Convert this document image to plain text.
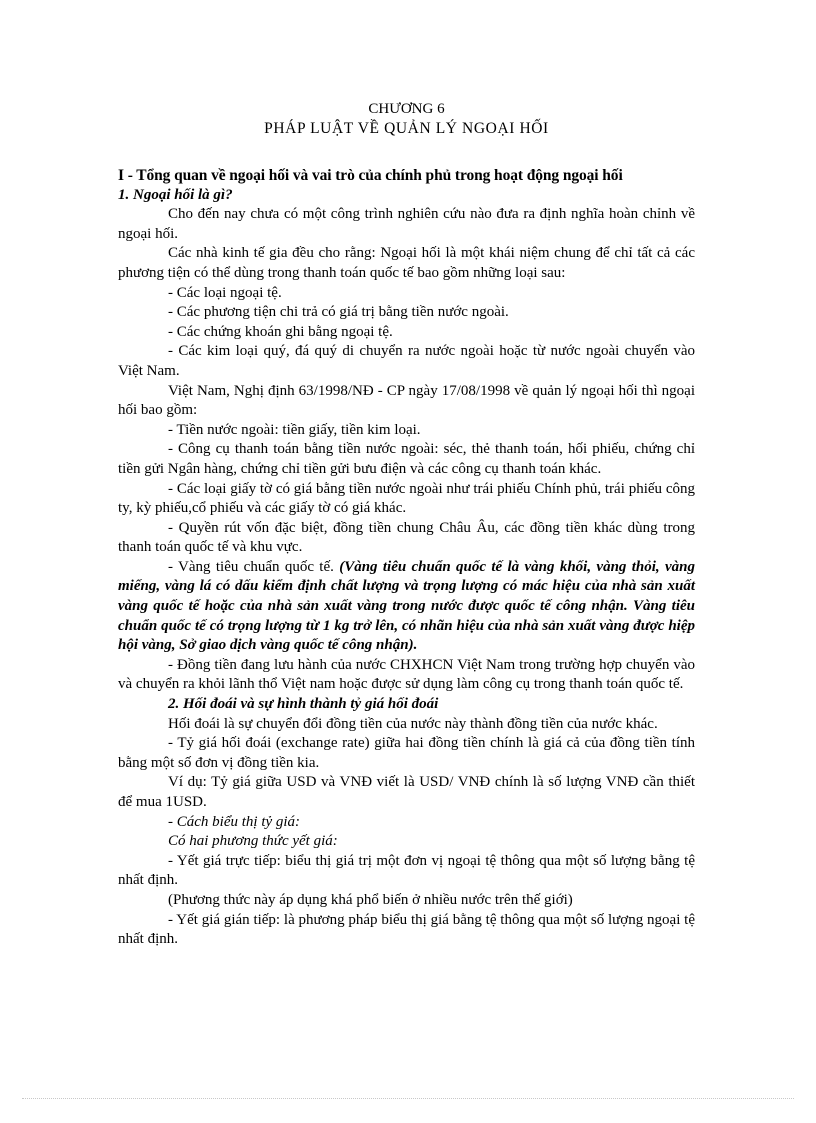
CHƯƠNG 6
PHÁP LUẬT VỀ QUẢN LÝ NGOẠI HỐI
I - Tổng quan về ngoại hối và vai trò của chính phủ trong hoạt động ngoại hối
1. Ngoại hối là gì?

Cho đến nay chưa có một công trình nghiên cứu nào đưa ra định nghĩa hoàn chỉnh về ngoại hối.

Các nhà kinh tế gia đều cho rằng: Ngoại hối là một khái niệm chung để chỉ tất cả các phương tiện có thể dùng trong thanh toán quốc tế bao gồm những loại sau:

- Các loại ngoại tệ.

- Các phương tiện chi trả có giá trị bằng tiền nước ngoài.

- Các chứng khoán ghi bằng ngoại tệ.

- Các kim loại quý, đá quý di chuyển ra nước ngoài hoặc từ nước ngoài chuyển vào Việt Nam.

Việt Nam, Nghị định 63/1998/NĐ - CP ngày 17/08/1998 về quản lý ngoại hối thì ngoại hối bao gồm:

- Tiền nước ngoài: tiền giấy, tiền kim loại.

- Công cụ thanh toán bằng tiền nước ngoài: séc, thẻ thanh toán, hối phiếu, chứng chỉ tiền gửi Ngân hàng, chứng chỉ tiền gửi bưu điện và các công cụ thanh toán khác.

- Các loại giấy tờ có giá bằng tiền nước ngoài như trái phiếu Chính phủ, trái phiếu công ty, kỳ phiếu,cổ phiếu và các giấy tờ có giá khác.

- Quyền rút vốn đặc biệt, đồng tiền chung Châu Âu, các đồng tiền khác dùng trong thanh toán quốc tế và khu vực.

- Vàng tiêu chuẩn quốc tế. (Vàng tiêu chuẩn quốc tế là vàng khối, vàng thỏi, vàng miếng, vàng lá có dấu kiểm định chất lượng và trọng lượng có mác hiệu của nhà sản xuất vàng quốc tế hoặc của nhà sản xuất vàng trong nước được quốc tế công nhận. Vàng tiêu chuẩn quốc tế có trọng lượng từ 1 kg trở lên, có nhãn hiệu của nhà sản xuất vàng được hiệp hội vàng, Sở giao dịch vàng quốc tế công nhận).

- Đồng tiền đang lưu hành của nước CHXHCN Việt Nam trong trường hợp chuyển vào và chuyển ra khỏi lãnh thổ Việt nam hoặc được sử dụng làm công cụ trong thanh toán quốc tế.

2. Hối đoái và sự hình thành tỷ giá hối đoái

Hối đoái là sự chuyển đổi đồng tiền của nước này thành đồng tiền của nước khác.

- Tỷ giá hối đoái (exchange rate) giữa hai đồng tiền chính là giá cả của đồng tiền tính bằng một số đơn vị đồng tiền kia.

Ví dụ: Tỷ giá giữa USD và VNĐ viết là USD/ VNĐ chính là số lượng VNĐ cần thiết để mua 1USD.

- Cách biểu thị tỷ giá:

Có hai phương thức yết giá:

- Yết giá trực tiếp: biểu thị giá trị một đơn vị ngoại tệ thông qua một số lượng bằng tệ nhất định.

(Phương thức này áp dụng khá phổ biến ở nhiều nước trên thế giới)

- Yết giá gián tiếp: là phương pháp biểu thị giá bằng tệ thông qua một số lượng ngoại tệ nhất định.
